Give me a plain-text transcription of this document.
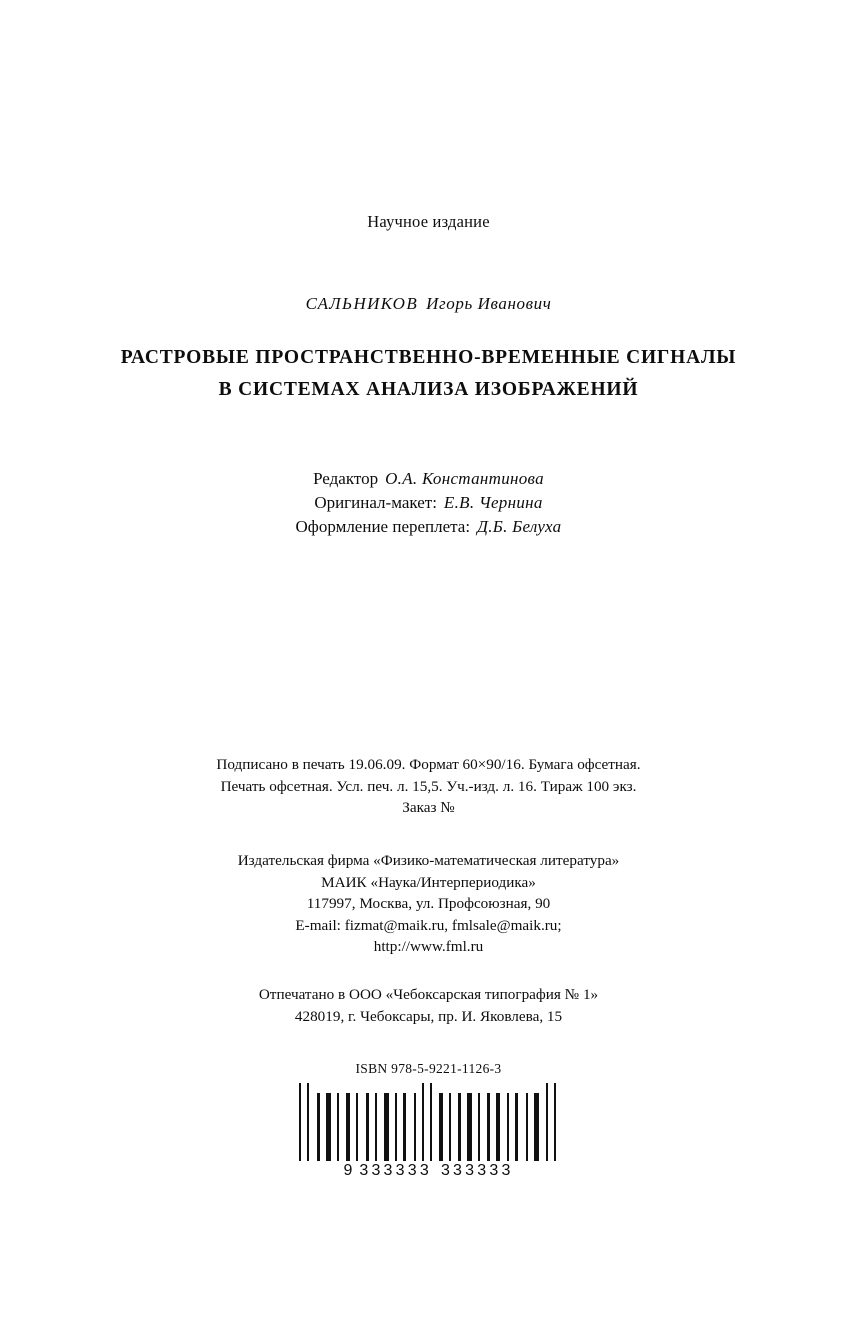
Научное издание
САЛЬНИКОВ Игорь Иванович
РАСТРОВЫЕ ПРОСТРАНСТВЕННО-ВРЕМЕННЫЕ СИГНАЛЫ
В СИСТЕМАХ АНАЛИЗА ИЗОБРАЖЕНИЙ
Редактор О.А. Константинова
Оригинал-макет: Е.В. Чернина
Оформление переплета: Д.Б. Белуха
Подписано в печать 19.06.09. Формат 60×90/16. Бумага офсетная.
Печать офсетная. Усл. печ. л. 15,5. Уч.-изд. л. 16. Тираж 100 экз.
Заказ №
Издательская фирма «Физико-математическая литература»
МАИК «Наука/Интерпериодика»
117997, Москва, ул. Профсоюзная, 90
E-mail: fizmat@maik.ru, fmlsale@maik.ru;
http://www.fml.ru
Отпечатано в ООО «Чебоксарская типография № 1»
428019, г. Чебоксары, пр. И. Яковлева, 15
ISBN 978-5-9221-1126-3
9 333333 333333
